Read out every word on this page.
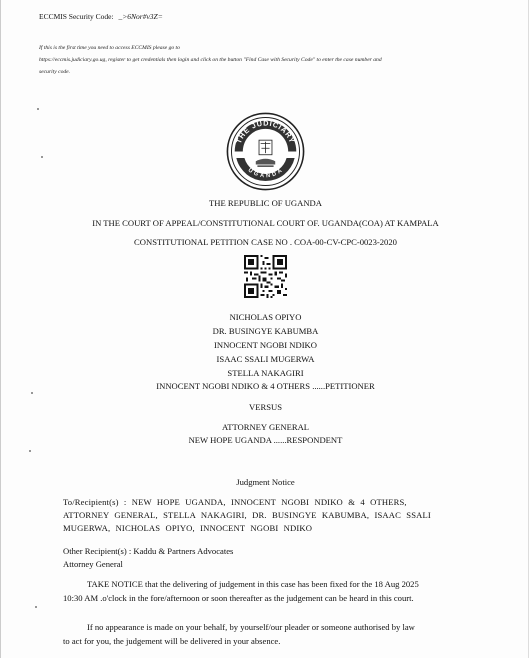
ECCMIS Security Code: _>6Nor#v3Z=
If this is the first time you need to access ECCMIS please go to
https://eccmis.judiciary.go.ug, register to get credentials then login and click on the button "Find Case with Security Code" to enter the case number and
security code.
THE JUDICIARY
UGANDA
THE REPUBLIC OF UGANDA
IN THE COURT OF APPEAL/CONSTITUTIONAL COURT OF. UGANDA(COA) AT KAMPALA
CONSTITUTIONAL PETITION CASE NO . COA-00-CV-CPC-0023-2020
NICHOLAS OPIYO
DR. BUSINGYE KABUMBA
INNOCENT NGOBI NDIKO
ISAAC SSALI MUGERWA
STELLA NAKAGIRI
INNOCENT NGOBI NDIKO & 4 OTHERS ......PETITIONER
VERSUS
ATTORNEY GENERAL
NEW HOPE UGANDA ......RESPONDENT
Judgment Notice
To/Recipient(s) : NEW HOPE UGANDA, INNOCENT NGOBI NDIKO & 4 OTHERS,
ATTORNEY GENERAL, STELLA NAKAGIRI, DR. BUSINGYE KABUMBA, ISAAC SSALI
MUGERWA, NICHOLAS OPIYO, INNOCENT NGOBI NDIKO
Other Recipient(s) : Kaddu & Partners Advocates
Attorney General
TAKE NOTICE that the delivering of judgement in this case has been fixed for the 18 Aug 2025
10:30 AM .o'clock in the fore/afternoon or soon thereafter as the judgement can be heard in this court.
If no appearance is made on your behalf, by yourself/our pleader or someone authorised by law
to act for you, the judgement will be delivered in your absence.
